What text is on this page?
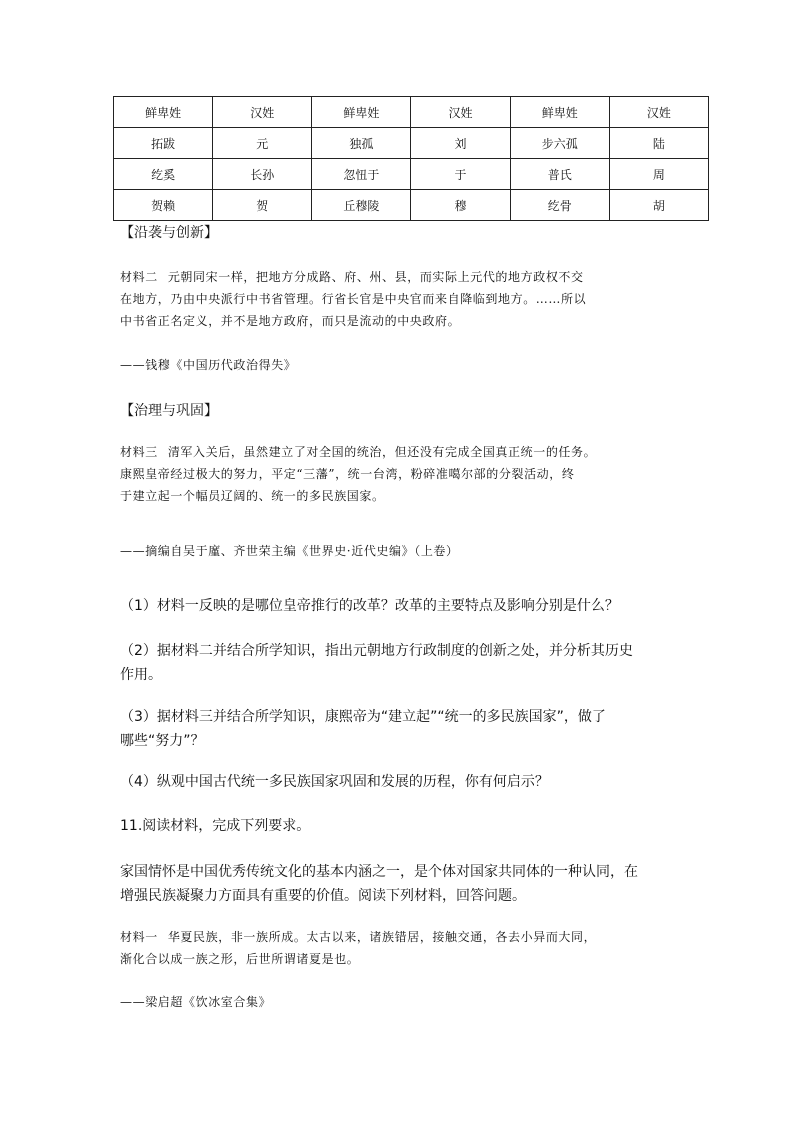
鲜卑姓	汉姓	鲜卑姓	汉姓	鲜卑姓	汉姓
拓跋	元	独孤	刘	步六孤	陆
纥奚	长孙	忽忸于	于	普氏	周
贺赖	贺	丘穆陵	穆	纥骨	胡
【沿袭与创新】
材料二 元朝同宋一样，把地方分成路、府、州、县，而实际上元代的地方政权不交
在地方，乃由中央派行中书省管理。行省长官是中央官而来自降临到地方。……所以
中书省正名定义，并不是地方政府，而只是流动的中央政府。
——钱穆《中国历代政治得失》
【治理与巩固】
材料三 清军入关后，虽然建立了对全国的统治，但还没有完成全国真正统一的任务。
康熙皇帝经过极大的努力，平定“三藩”，统一台湾，粉碎准噶尔部的分裂活动，终
于建立起一个幅员辽阔的、统一的多民族国家。
——摘编自吴于廑、齐世荣主编《世界史·近代史编》（上卷）
（1）材料一反映的是哪位皇帝推行的改革？改革的主要特点及影响分别是什么？
（2）据材料二并结合所学知识，指出元朝地方行政制度的创新之处，并分析其历史
作用。
（3）据材料三并结合所学知识，康熙帝为“建立起”“统一的多民族国家”，做了
哪些“努力”？
（4）纵观中国古代统一多民族国家巩固和发展的历程，你有何启示？
11.阅读材料，完成下列要求。
家国情怀是中国优秀传统文化的基本内涵之一，是个体对国家共同体的一种认同，在
增强民族凝聚力方面具有重要的价值。阅读下列材料，回答问题。
材料一 华夏民族，非一族所成。太古以来，诸族错居，接触交通，各去小异而大同，
渐化合以成一族之形，后世所谓诸夏是也。
——梁启超《饮冰室合集》
